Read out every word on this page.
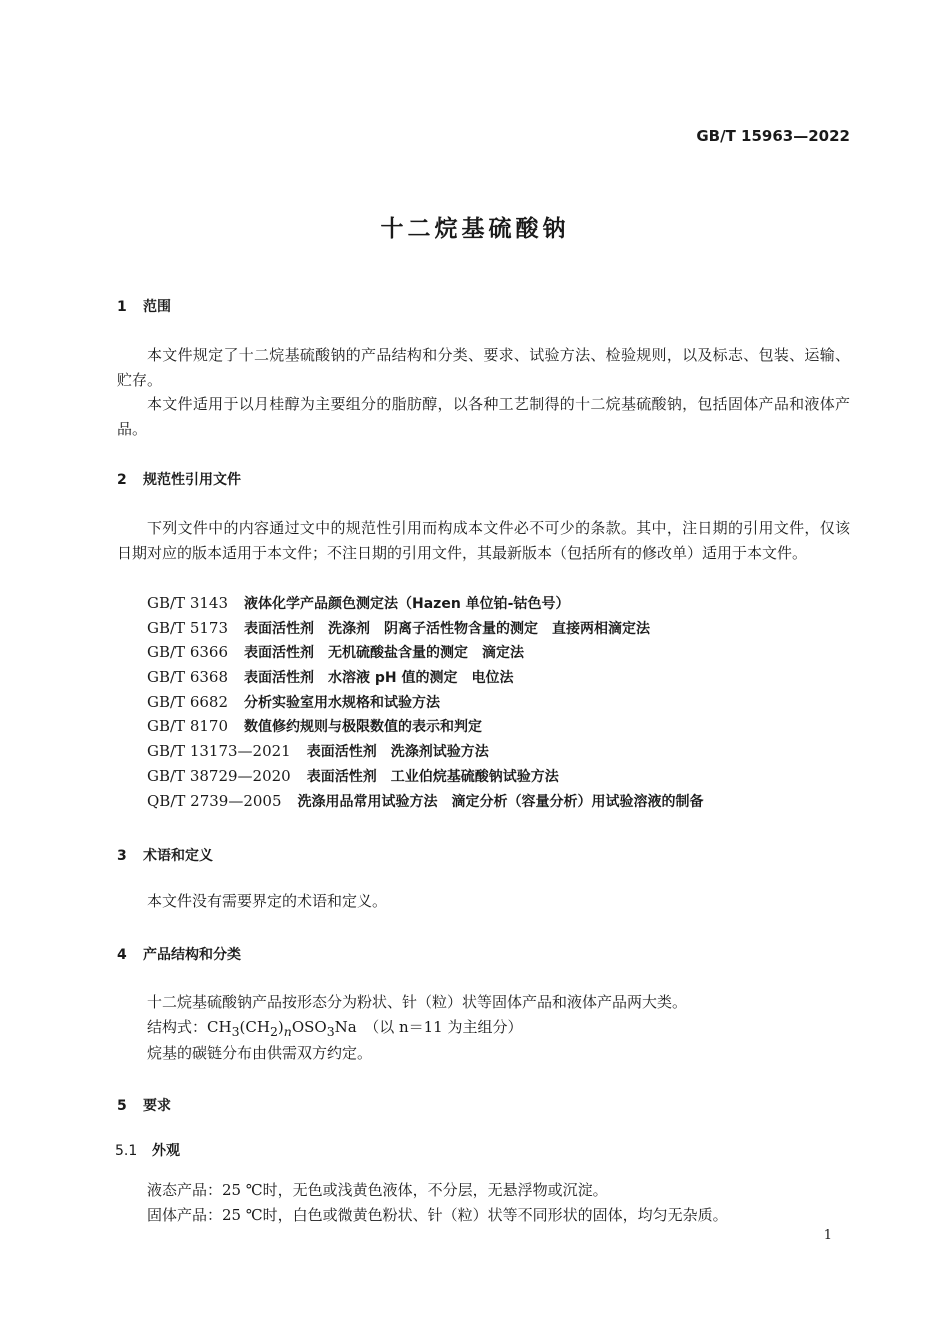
GB/T 15963—2022
十二烷基硫酸钠
1 范围
本文件规定了十二烷基硫酸钠的产品结构和分类、要求、试验方法、检验规则，以及标志、包装、运输、贮存。
本文件适用于以月桂醇为主要组分的脂肪醇，以各种工艺制得的十二烷基硫酸钠，包括固体产品和液体产品。
2 规范性引用文件
下列文件中的内容通过文中的规范性引用而构成本文件必不可少的条款。其中，注日期的引用文件，仅该日期对应的版本适用于本文件；不注日期的引用文件，其最新版本（包括所有的修改单）适用于本文件。
GB/T 3143 液体化学产品颜色测定法（Hazen 单位铂-钴色号）
GB/T 5173 表面活性剂　洗涤剂　阴离子活性物含量的测定　直接两相滴定法
GB/T 6366 表面活性剂　无机硫酸盐含量的测定　滴定法
GB/T 6368 表面活性剂　水溶液 pH 值的测定　电位法
GB/T 6682 分析实验室用水规格和试验方法
GB/T 8170 数值修约规则与极限数值的表示和判定
GB/T 13173—2021 表面活性剂　洗涤剂试验方法
GB/T 38729—2020 表面活性剂　工业伯烷基硫酸钠试验方法
QB/T 2739—2005 洗涤用品常用试验方法　滴定分析（容量分析）用试验溶液的制备
3 术语和定义
本文件没有需要界定的术语和定义。
4 产品结构和分类
十二烷基硫酸钠产品按形态分为粉状、针（粒）状等固体产品和液体产品两大类。
结构式：$CH_3(CH_2)_nOSO_3Na$　（以 n＝11 为主组分）
烷基的碳链分布由供需双方约定。
5 要求
5.1 外观
液态产品：25 ℃时，无色或浅黄色液体，不分层，无悬浮物或沉淀。
固体产品：25 ℃时，白色或微黄色粉状、针（粒）状等不同形状的固体，均匀无杂质。
1
